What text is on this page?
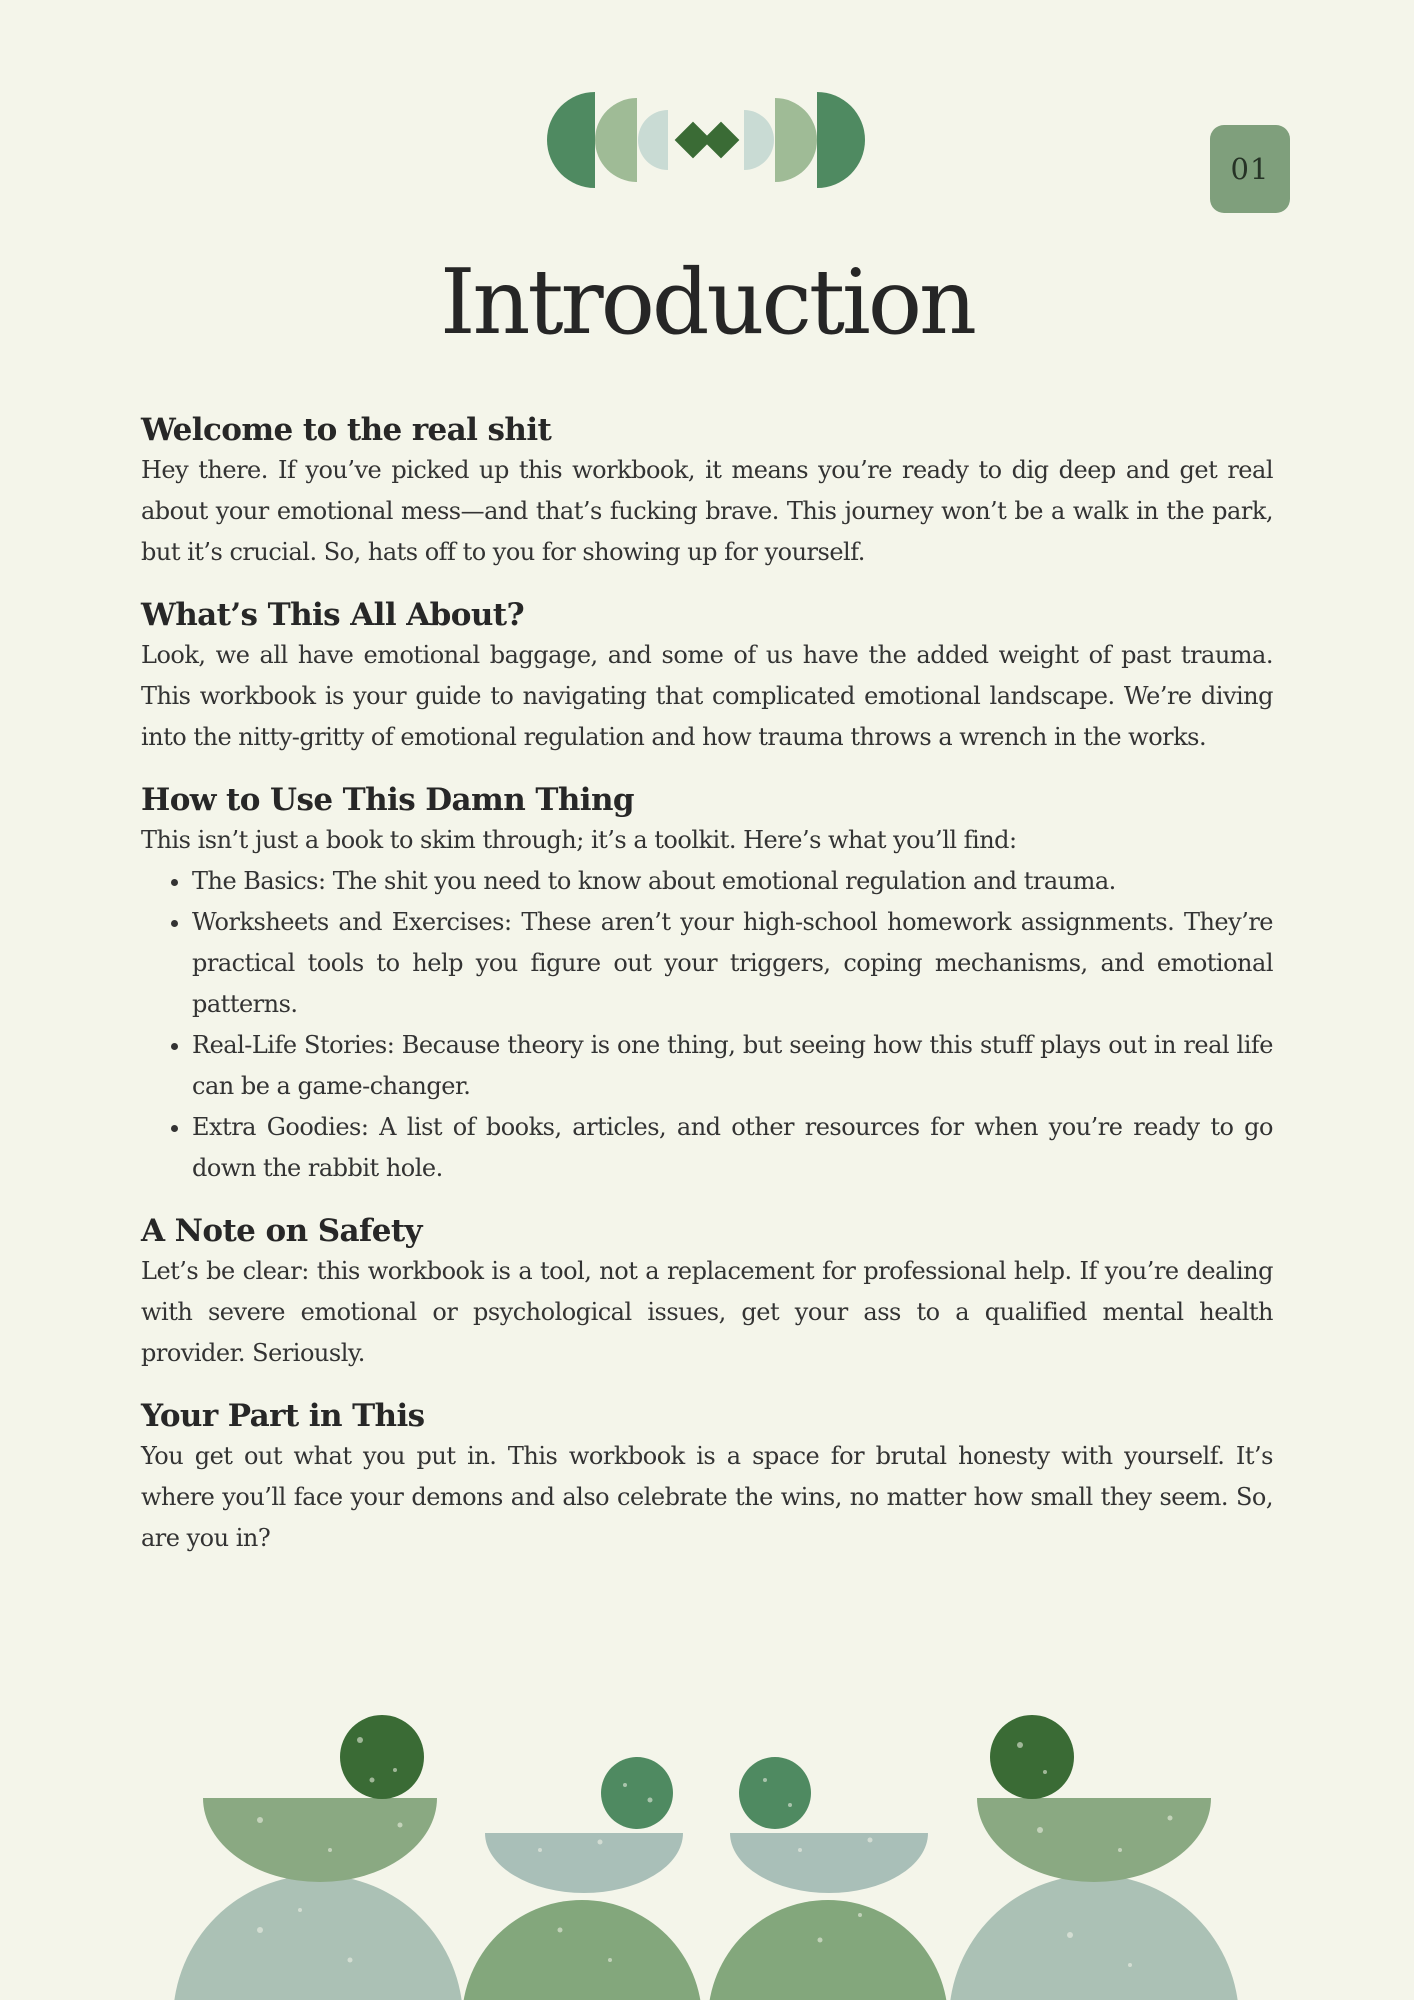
01
Introduction
Welcome to the real shit

Hey there. If you’ve picked up this workbook, it means you’re ready to dig deep and get real about your emotional mess—and that’s fucking brave. This journey won’t be a walk in the park, but it’s crucial. So, hats off to you for showing up for yourself.

What’s This All About?

Look, we all have emotional baggage, and some of us have the added weight of past trauma. This workbook is your guide to navigating that complicated emotional landscape. We’re diving into the nitty-gritty of emotional regulation and how trauma throws a wrench in the works.

How to Use This Damn Thing

This isn’t just a book to skim through; it’s a toolkit. Here’s what you’ll find:

• The Basics: The shit you need to know about emotional regulation and trauma.
• Worksheets and Exercises: These aren’t your high-school homework assignments. They’re practical tools to help you figure out your triggers, coping mechanisms, and emotional patterns.
• Real-Life Stories: Because theory is one thing, but seeing how this stuff plays out in real life can be a game-changer.
• Extra Goodies: A list of books, articles, and other resources for when you’re ready to go down the rabbit hole.
A Note on Safety

Let’s be clear: this workbook is a tool, not a replacement for professional help. If you’re dealing with severe emotional or psychological issues, get your ass to a qualified mental health provider. Seriously.

Your Part in This

You get out what you put in. This workbook is a space for brutal honesty with yourself. It’s where you’ll face your demons and also celebrate the wins, no matter how small they seem. So, are you in?
